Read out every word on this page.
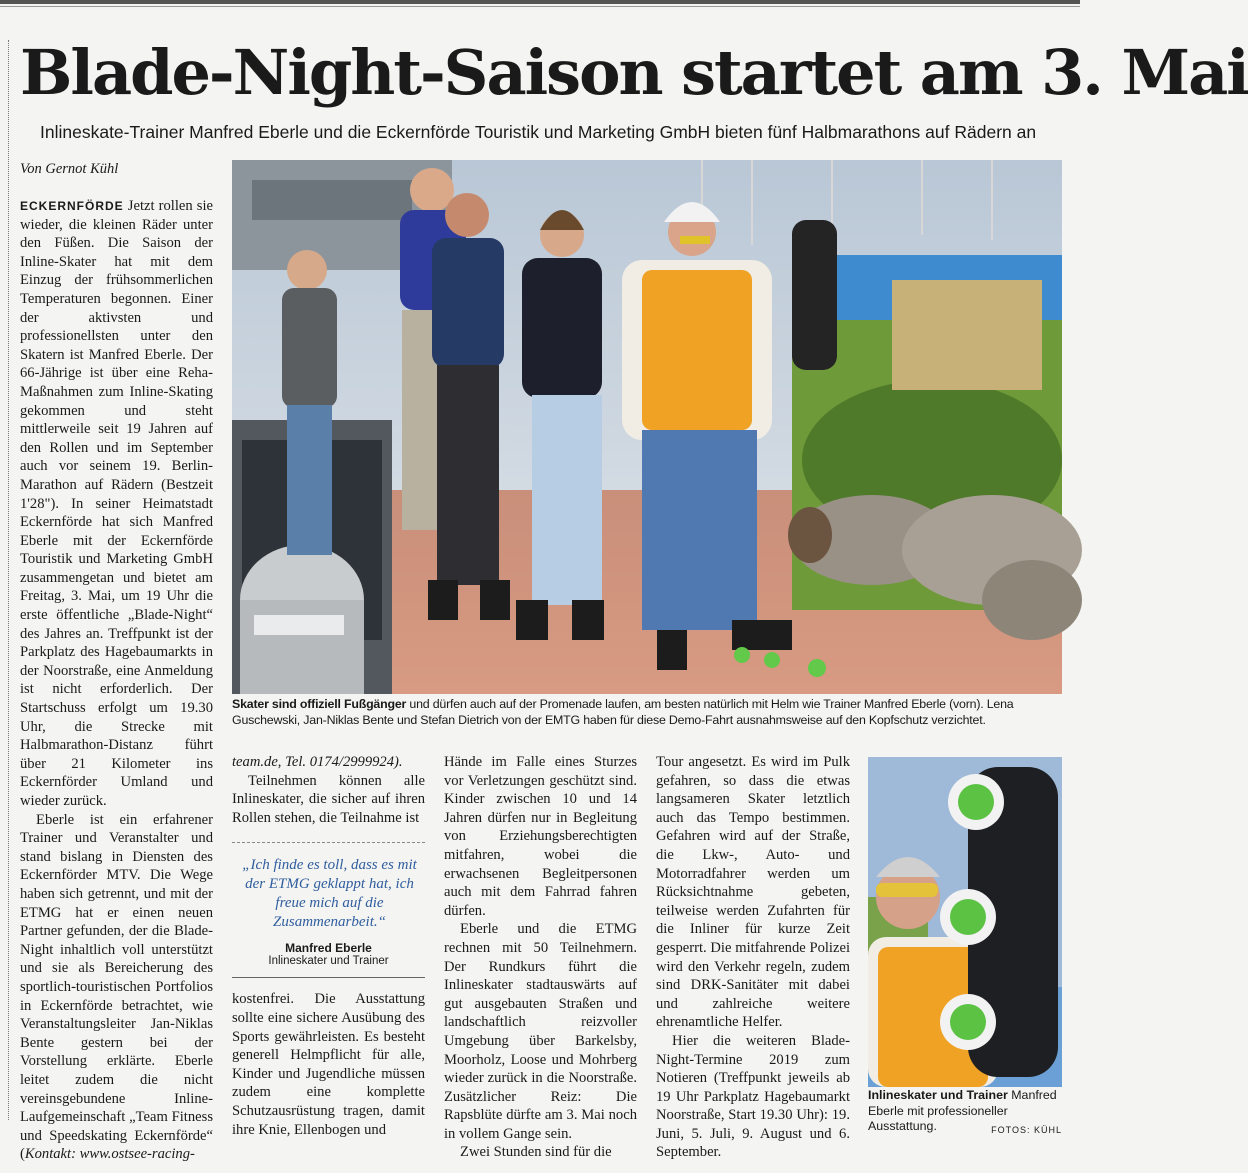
Blade-Night-Saison startet am 3. Mai
Inlineskate-Trainer Manfred Eberle und die Eckernförde Touristik und Marketing GmbH bieten fünf Halbmarathons auf Rädern an
Von Gernot Kühl

ECKERNFÖRDE Jetzt rollen sie wieder, die kleinen Räder unter den Füßen. Die Saison der Inline-Skater hat mit dem Einzug der frühsommerlichen Temperaturen begonnen. Einer der aktivsten und professionellsten unter den Skatern ist Manfred Eberle. Der 66-Jährige ist über eine Reha-Maßnahmen zum Inline-Skating gekommen und steht mittlerweile seit 19 Jahren auf den Rollen und im September auch vor seinem 19. Berlin-Marathon auf Rädern (Bestzeit 1'28"). In seiner Heimatstadt Eckernförde hat sich Manfred Eberle mit der Eckernförde Touristik und Marketing GmbH zusammengetan und bietet am Freitag, 3. Mai, um 19 Uhr die erste öffentliche „Blade-Night“ des Jahres an. Treffpunkt ist der Parkplatz des Hagebaumarkts in der Noorstraße, eine Anmeldung ist nicht erforderlich. Der Startschuss erfolgt um 19.30 Uhr, die Strecke mit Halbmarathon-Distanz führt über 21 Kilometer ins Eckernförder Umland und wieder zurück.

Eberle ist ein erfahrener Trainer und Veranstalter und stand bislang in Diensten des Eckernförder MTV. Die Wege haben sich getrennt, und mit der ETMG hat er einen neuen Partner gefunden, der die Blade-Night inhaltlich voll unterstützt und sie als Bereicherung des sportlich-touristischen Portfolios in Eckernförde betrachtet, wie Veranstaltungsleiter Jan-Niklas Bente gestern bei der Vorstellung erklärte. Eberle leitet zudem die nicht vereinsgebundene Inline-Laufgemeinschaft „Team Fitness und Speedskating Eckernförde“ (Kontakt: www.ostsee-racing-

Skater sind offiziell Fußgänger und dürfen auch auf der Promenade laufen, am besten natürlich mit Helm wie Trainer Manfred Eberle (vorn). Lena Guschewski, Jan-Niklas Bente und Stefan Dietrich von der EMTG haben für diese Demo-Fahrt ausnahmsweise auf den Kopfschutz verzichtet.

team.de, Tel. 0174/2999924).

Teilnehmen können alle Inlineskater, die sicher auf ihren Rollen stehen, die Teilnahme ist

kostenfrei. Die Ausstattung sollte eine sichere Ausübung des Sports gewährleisten. Es besteht generell Helmpflicht für alle, Kinder und Jugendliche müssen zudem eine komplette Schutzausrüstung tragen, damit ihre Knie, Ellenbogen und

„Ich finde es toll, dass es mit der ETMG geklappt hat, ich freue mich auf die Zusammenarbeit.“
Manfred Eberle
Inlineskater und Trainer

Hände im Falle eines Sturzes vor Verletzungen geschützt sind. Kinder zwischen 10 und 14 Jahren dürfen nur in Begleitung von Erziehungsberechtigten mitfahren, wobei die erwachsenen Begleitpersonen auch mit dem Fahrrad fahren dürfen.

Eberle und die ETMG rechnen mit 50 Teilnehmern. Der Rundkurs führt die Inlineskater stadtauswärts auf gut ausgebauten Straßen und landschaftlich reizvoller Umgebung über Barkelsby, Moorholz, Loose und Mohrberg wieder zurück in die Noorstraße. Zusätzlicher Reiz: Die Rapsblüte dürfte am 3. Mai noch in vollem Gange sein.

Zwei Stunden sind für die

Tour angesetzt. Es wird im Pulk gefahren, so dass die etwas langsameren Skater letztlich auch das Tempo bestimmen. Gefahren wird auf der Straße, die Lkw-, Auto- und Motorradfahrer werden um Rücksichtnahme gebeten, teilweise werden Zufahrten für die Inliner für kurze Zeit gesperrt. Die mitfahrende Polizei wird den Verkehr regeln, zudem sind DRK-Sanitäter mit dabei und zahlreiche weitere ehrenamtliche Helfer.

Hier die weiteren Blade-Night-Termine 2019 zum Notieren (Treffpunkt jeweils ab 19 Uhr Parkplatz Hagebaumarkt Noorstraße, Start 19.30 Uhr): 19. Juni, 5. Juli, 9. August und 6. September.

Inlineskater und Trainer Manfred Eberle mit professioneller Ausstattung.	FOTOS: KÜHL
